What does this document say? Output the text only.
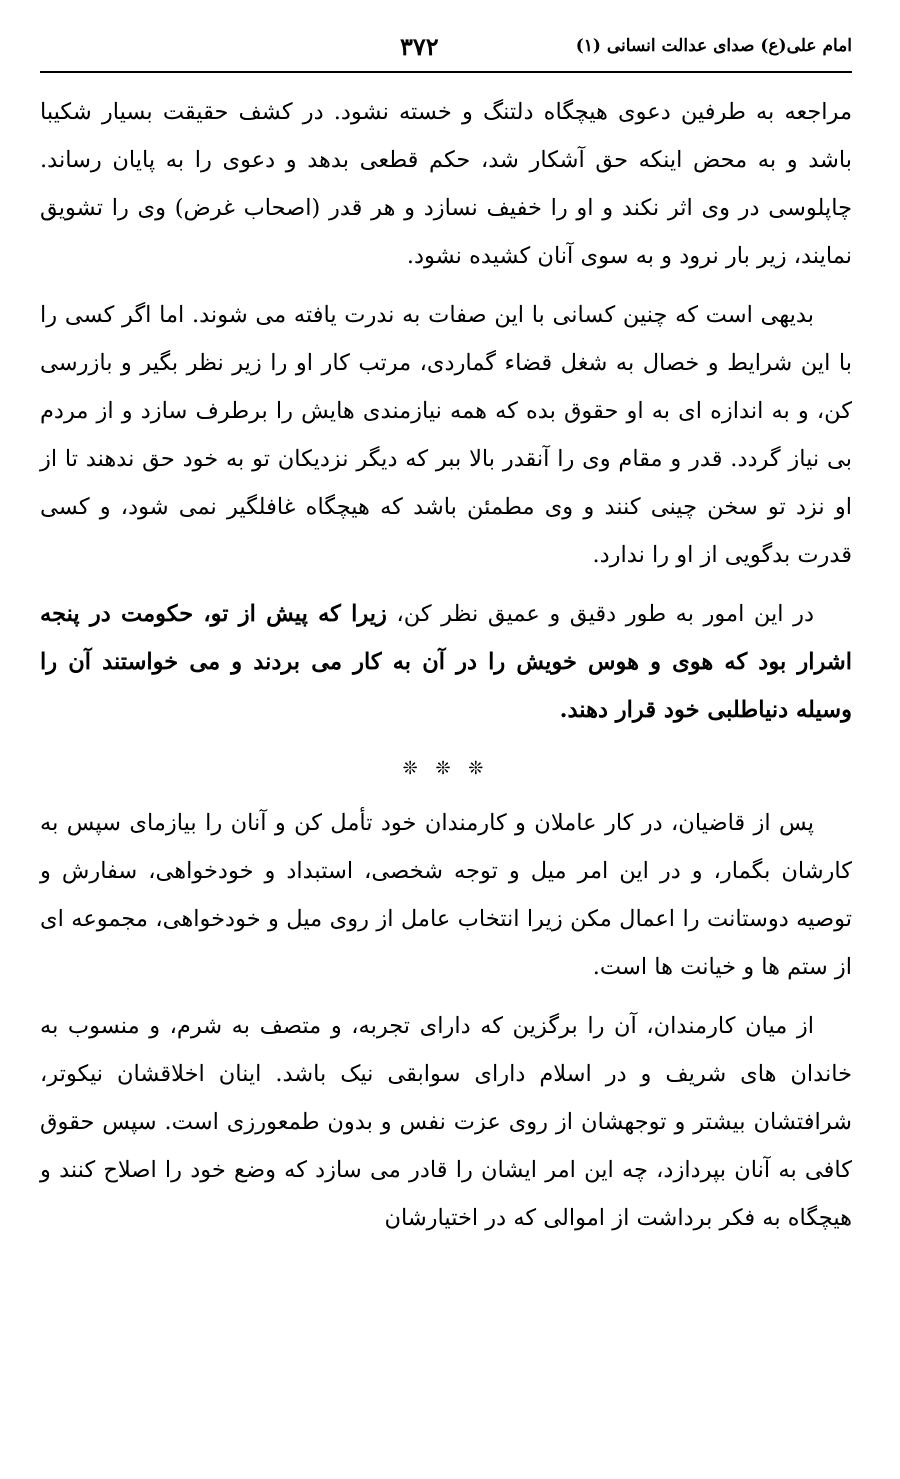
امام علی(ع) صدای عدالت انسانی (۱)
۳۷۲

مراجعه به طرفین دعوی هیچگاه دلتنگ و خسته نشود. در کشف حقیقت بسیار شکیبا باشد و به محض اینکه حق آشکار شد، حکم قطعی بدهد و دعوی را به پایان رساند. چاپلوسی در وی اثر نکند و او را خفیف نسازد و هر قدر (اصحاب غرض) وی را تشویق نمایند، زیر بار نرود و به سوی آنان کشیده نشود.

بدیهی است که چنین کسانی با این صفات به ندرت یافته می شوند. اما اگر کسی را با این شرایط و خصال به شغل قضاء گماردی، مرتب کار او را زیر نظر بگیر و بازرسی کن، و به اندازه ای به او حقوق بده که همه نیازمندی هایش را برطرف سازد و از مردم بی نیاز گردد. قدر و مقام وی را آنقدر بالا ببر که دیگر نزدیکان تو به خود حق ندهند تا از او نزد تو سخن چینی کنند و وی مطمئن باشد که هیچگاه غافلگیر نمی شود، و کسی قدرت بدگویی از او را ندارد.

در این امور به طور دقیق و عمیق نظر کن، زیرا که پیش از تو، حکومت در پنجه اشرار بود که هوی و هوس خویش را در آن به کار می بردند و می خواستند آن را وسیله دنیاطلبی خود قرار دهند.

❊ ❊ ❊

پس از قاضیان، در کار عاملان و کارمندان خود تأمل کن و آنان را بیازمای سپس به کارشان بگمار، و در این امر میل و توجه شخصی، استبداد و خودخواهی، سفارش و توصیه دوستانت را اعمال مکن زیرا انتخاب عامل از روی میل و خودخواهی، مجموعه ای از ستم ها و خیانت ها است.

از میان کارمندان، آن را برگزین که دارای تجربه، و متصف به شرم، و منسوب به خاندان های شریف و در اسلام دارای سوابقی نیک باشد. اینان اخلاقشان نیکوتر، شرافتشان بیشتر و توجهشان از روی عزت نفس و بدون طمعورزی است. سپس حقوق کافی به آنان بپردازد، چه این امر ایشان را قادر می سازد که وضع خود را اصلاح کنند و هیچگاه به فکر برداشت از اموالی که در اختیارشان
